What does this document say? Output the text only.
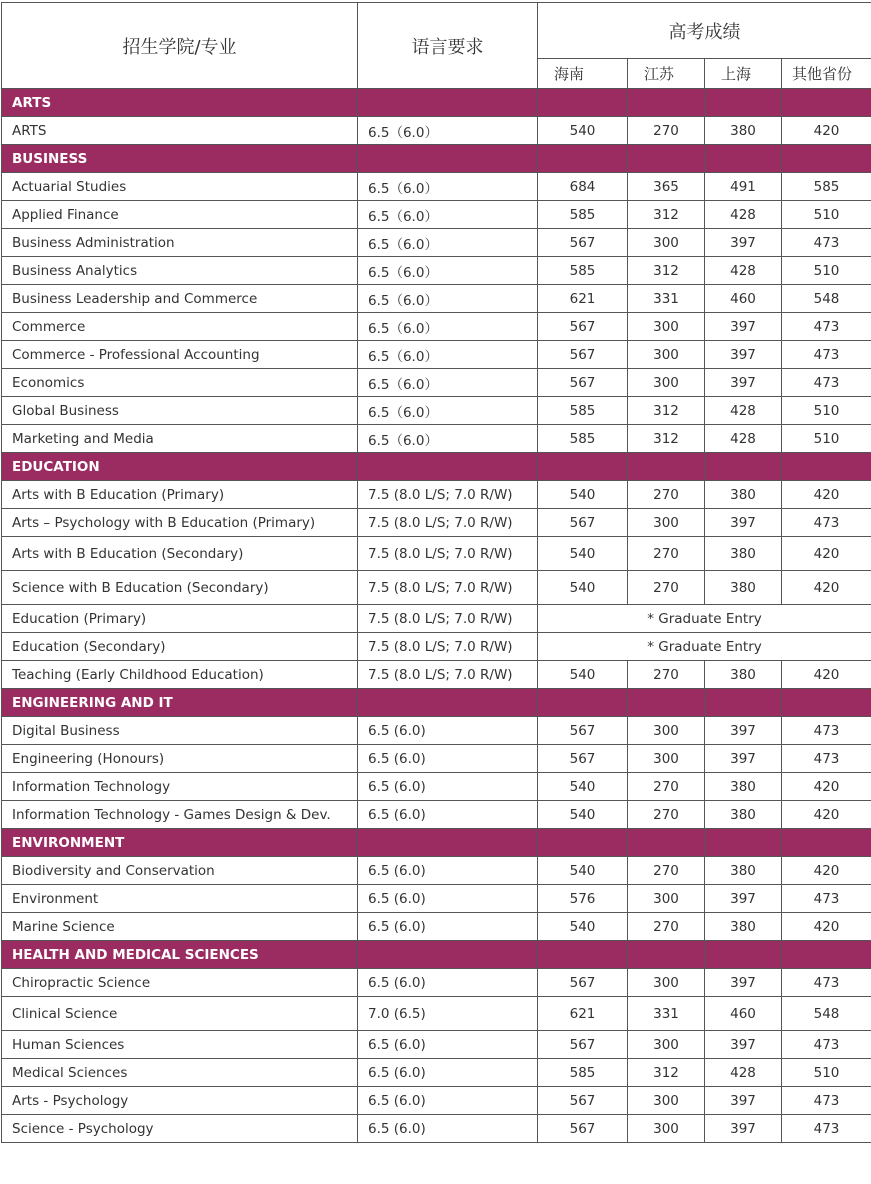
招生学院/专业	语言要求	高考成绩			
		海南	江苏	上海	其他省份
ARTS					
ARTS	6.5（6.0）	540	270	380	420
BUSINESS					
Actuarial Studies	6.5（6.0）	684	365	491	585
Applied Finance	6.5（6.0）	585	312	428	510
Business Administration	6.5（6.0）	567	300	397	473
Business Analytics	6.5（6.0）	585	312	428	510
Business Leadership and Commerce	6.5（6.0）	621	331	460	548
Commerce	6.5（6.0）	567	300	397	473
Commerce - Professional Accounting	6.5（6.0）	567	300	397	473
Economics	6.5（6.0）	567	300	397	473
Global Business	6.5（6.0）	585	312	428	510
Marketing and Media	6.5（6.0）	585	312	428	510
EDUCATION					
Arts with B Education (Primary)	7.5 (8.0 L/S; 7.0 R/W)	540	270	380	420
Arts – Psychology with B Education (Primary)	7.5 (8.0 L/S; 7.0 R/W)	567	300	397	473
Arts with B Education (Secondary)	7.5 (8.0 L/S; 7.0 R/W)	540	270	380	420
Science with B Education (Secondary)	7.5 (8.0 L/S; 7.0 R/W)	540	270	380	420
Education (Primary)	7.5 (8.0 L/S; 7.0 R/W)	* Graduate Entry			
Education (Secondary)	7.5 (8.0 L/S; 7.0 R/W)	* Graduate Entry			
Teaching (Early Childhood Education)	7.5 (8.0 L/S; 7.0 R/W)	540	270	380	420
ENGINEERING AND IT					
Digital Business	6.5 (6.0)	567	300	397	473
Engineering (Honours)	6.5 (6.0)	567	300	397	473
Information Technology	6.5 (6.0)	540	270	380	420
Information Technology - Games Design & Dev.	6.5 (6.0)	540	270	380	420
ENVIRONMENT					
Biodiversity and Conservation	6.5 (6.0)	540	270	380	420
Environment	6.5 (6.0)	576	300	397	473
Marine Science	6.5 (6.0)	540	270	380	420
HEALTH AND MEDICAL SCIENCES					
Chiropractic Science	6.5 (6.0)	567	300	397	473
Clinical Science	7.0 (6.5)	621	331	460	548
Human Sciences	6.5 (6.0)	567	300	397	473
Medical Sciences	6.5 (6.0)	585	312	428	510
Arts - Psychology	6.5 (6.0)	567	300	397	473
Science - Psychology	6.5 (6.0)	567	300	397	473
